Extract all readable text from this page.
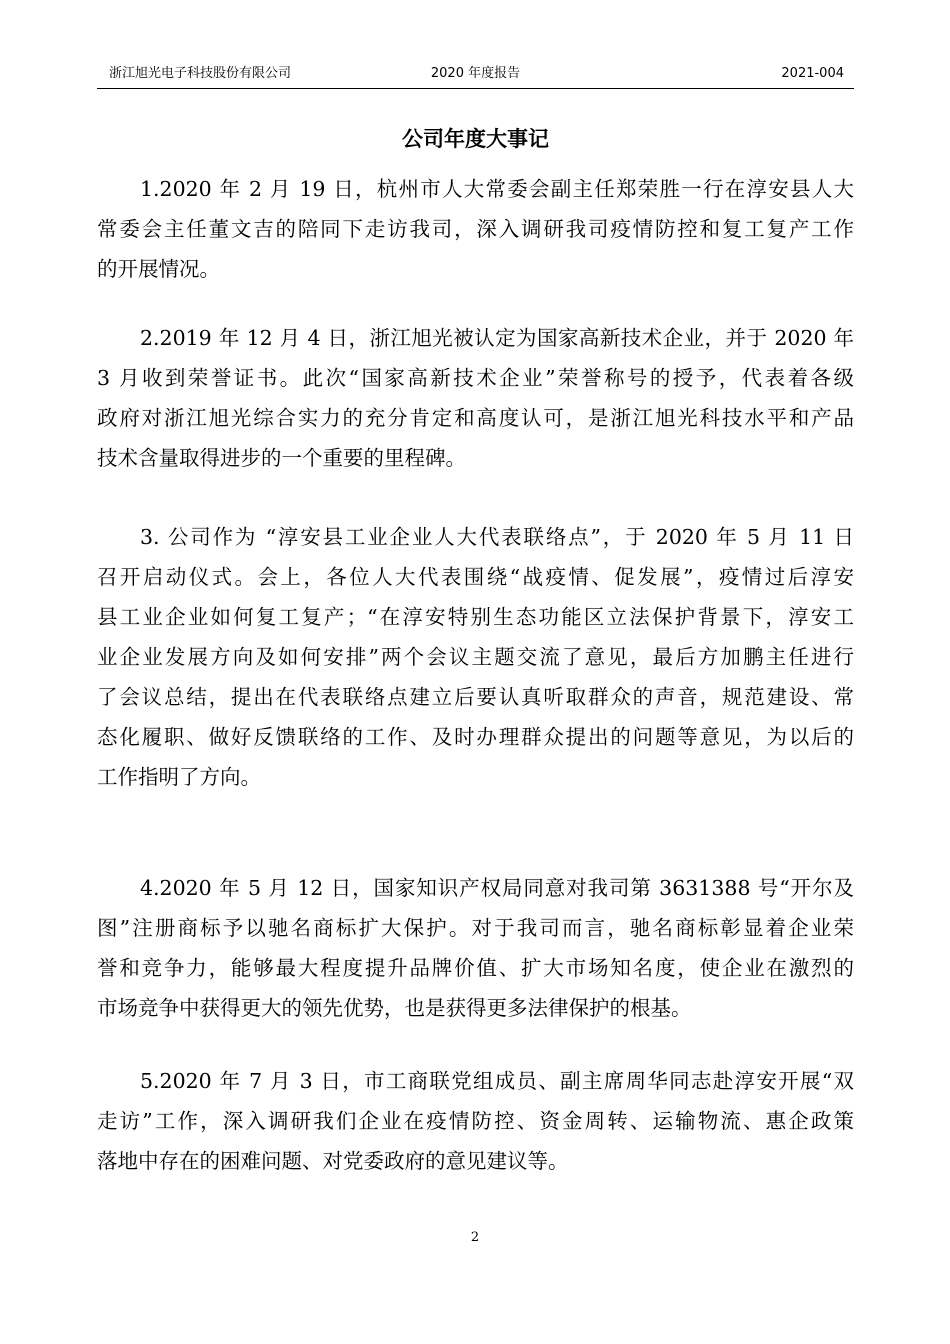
浙江旭光电子科技股份有限公司	2020 年度报告	2021-004
公司年度大事记
1.2020 年 2 月 19 日，杭州市人大常委会副主任郑荣胜一行在淳安县人大
常委会主任董文吉的陪同下走访我司，深入调研我司疫情防控和复工复产工作
的开展情况。
2.2019 年 12 月 4 日，浙江旭光被认定为国家高新技术企业，并于 2020 年
3 月收到荣誉证书。此次“国家高新技术企业”荣誉称号的授予，代表着各级
政府对浙江旭光综合实力的充分肯定和高度认可，是浙江旭光科技水平和产品
技术含量取得进步的一个重要的里程碑。
3. 公司作为 “淳安县工业企业人大代表联络点”，于 2020 年 5 月 11 日
召开启动仪式。会上，各位人大代表围绕“战疫情、促发展”，疫情过后淳安
县工业企业如何复工复产；“在淳安特别生态功能区立法保护背景下，淳安工
业企业发展方向及如何安排”两个会议主题交流了意见，最后方加鹏主任进行
了会议总结，提出在代表联络点建立后要认真听取群众的声音，规范建设、常
态化履职、做好反馈联络的工作、及时办理群众提出的问题等意见，为以后的
工作指明了方向。
4.2020 年 5 月 12 日，国家知识产权局同意对我司第 3631388 号“开尔及
图”注册商标予以驰名商标扩大保护。对于我司而言，驰名商标彰显着企业荣
誉和竞争力，能够最大程度提升品牌价值、扩大市场知名度，使企业在激烈的
市场竞争中获得更大的领先优势，也是获得更多法律保护的根基。
5.2020 年 7 月 3 日，市工商联党组成员、副主席周华同志赴淳安开展“双
走访”工作，深入调研我们企业在疫情防控、资金周转、运输物流、惠企政策
落地中存在的困难问题、对党委政府的意见建议等。
2
